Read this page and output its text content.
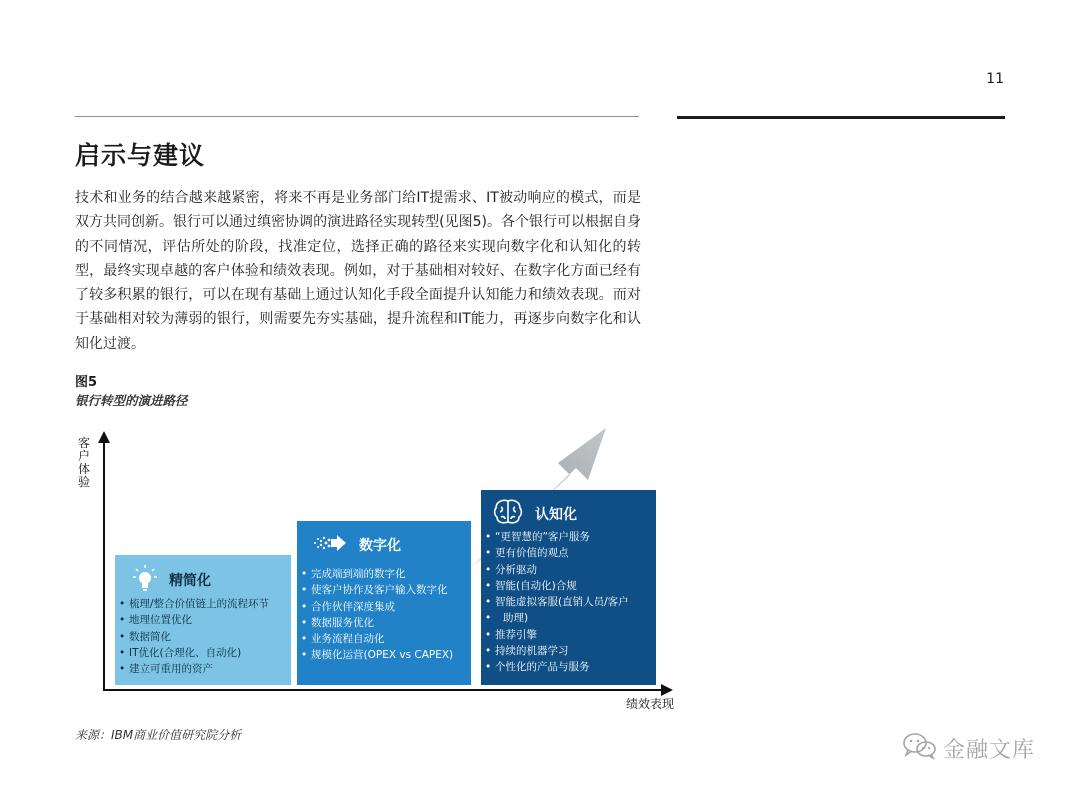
11
启示与建议
技术和业务的结合越来越紧密，将来不再是业务部门给IT提需求、IT被动响应的模式，而是双方共同创新。银行可以通过缜密协调的演进路径实现转型(见图5)。各个银行可以根据自身的不同情况，评估所处的阶段，找准定位，选择正确的路径来实现向数字化和认知化的转型，最终实现卓越的客户体验和绩效表现。例如，对于基础相对较好、在数字化方面已经有了较多积累的银行，可以在现有基础上通过认知化手段全面提升认知能力和绩效表现。而对于基础相对较为薄弱的银行，则需要先夯实基础，提升流程和IT能力，再逐步向数字化和认知化过渡。
图5
银行转型的演进路径
客户体验
绩效表现
精简化
• 梳理/整合价值链上的流程环节
• 地理位置优化
• 数据简化
• IT优化(合理化、自动化)
• 建立可重用的资产
数字化
• 完成端到端的数字化
• 使客户协作及客户输入数字化
• 合作伙伴深度集成
• 数据服务优化
• 业务流程自动化
• 规模化运营(OPEX vs CAPEX)
认知化
• “更智慧的”客户服务
• 更有价值的观点
• 分析驱动
• 智能(自动化)合规
• 智能虚拟客服(直销人员/客户
• 助理)
• 推荐引擎
• 持续的机器学习
• 个性化的产品与服务
来源：IBM商业价值研究院分析
金融文库
